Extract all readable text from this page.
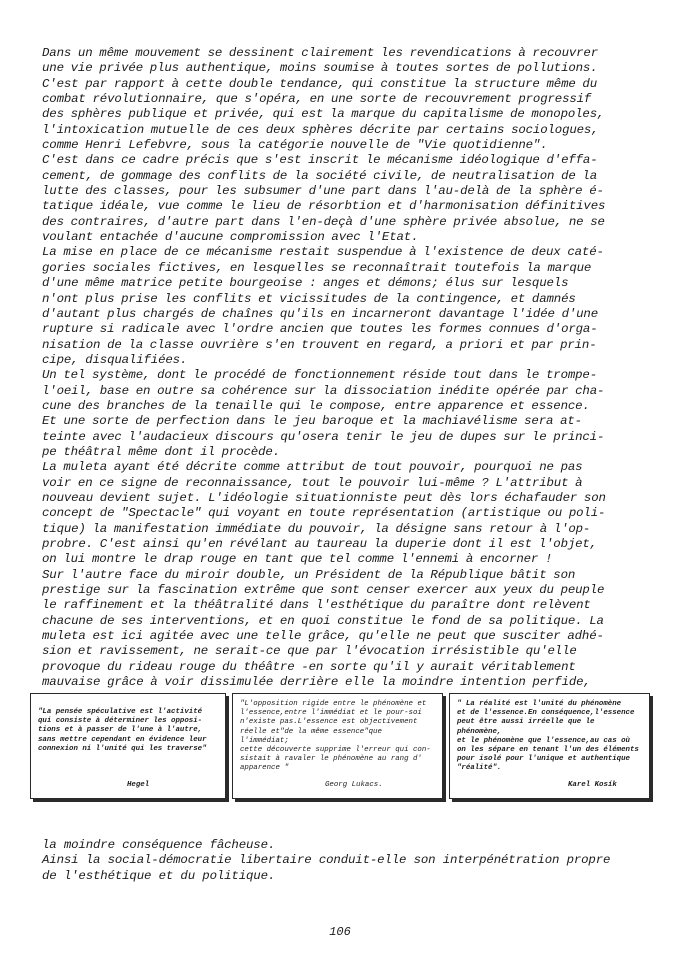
Dans un même mouvement se dessinent clairement les revendications à recouvrer
une vie privée plus authentique, moins soumise à toutes sortes de pollutions.
C'est par rapport à cette double tendance, qui constitue la structure même du
combat révolutionnaire, que s'opéra, en une sorte de recouvrement progressif
des sphères publique et privée, qui est la marque du capitalisme de monopoles,
l'intoxication mutuelle de ces deux sphères décrite par certains sociologues,
comme Henri Lefebvre, sous la catégorie nouvelle de "Vie quotidienne".
C'est dans ce cadre précis que s'est inscrit le mécanisme idéologique d'effa-
cement, de gommage des conflits de la société civile, de neutralisation de la
lutte des classes, pour les subsumer d'une part dans l'au-delà de la sphère é-
tatique idéale, vue comme le lieu de résorbtion et d'harmonisation définitives
des contraires, d'autre part dans l'en-deçà d'une sphère privée absolue, ne se
voulant entachée d'aucune compromission avec l'Etat.
La mise en place de ce mécanisme restait suspendue à l'existence de deux caté-
gories sociales fictives, en lesquelles se reconnaîtrait toutefois la marque
d'une même matrice petite bourgeoise : anges et démons; élus sur lesquels
n'ont plus prise les conflits et vicissitudes de la contingence, et damnés
d'autant plus chargés de chaînes qu'ils en incarneront davantage l'idée d'une
rupture si radicale avec l'ordre ancien que toutes les formes connues d'orga-
nisation de la classe ouvrière s'en trouvent en regard, a priori et par prin-
cipe, disqualifiées.
Un tel système, dont le procédé de fonctionnement réside tout dans le trompe-
l'oeil, base en outre sa cohérence sur la dissociation inédite opérée par cha-
cune des branches de la tenaille qui le compose, entre apparence et essence.
Et une sorte de perfection dans le jeu baroque et la machiavélisme sera at-
teinte avec l'audacieux discours qu'osera tenir le jeu de dupes sur le princi-
pe théâtral même dont il procède.
La muleta ayant été décrite comme attribut de tout pouvoir, pourquoi ne pas
voir en ce signe de reconnaissance, tout le pouvoir lui-même ? L'attribut à
nouveau devient sujet. L'idéologie situationniste peut dès lors échafauder son
concept de "Spectacle" qui voyant en toute représentation (artistique ou poli-
tique) la manifestation immédiate du pouvoir, la désigne sans retour à l'op-
probre. C'est ainsi qu'en révélant au taureau la duperie dont il est l'objet,
on lui montre le drap rouge en tant que tel comme l'ennemi à encorner !
Sur l'autre face du miroir double, un Président de la République bâtit son
prestige sur la fascination extrême que sont censer exercer aux yeux du peuple
le raffinement et la théâtralité dans l'esthétique du paraître dont relèvent
chacune de ses interventions, et en quoi constitue le fond de sa politique. La
muleta est ici agitée avec une telle grâce, qu'elle ne peut que susciter adhé-
sion et ravissement, ne serait-ce que par l'évocation irrésistible qu'elle
provoque du rideau rouge du théâtre -en sorte qu'il y aurait véritablement
mauvaise grâce à voir dissimulée derrière elle la moindre intention perfide,

"La pensée spéculative est l'activité
qui consiste à déterminer les opposi-
tions et à passer de l'une à l'autre,
sans mettre cependant en évidence leur
connexion ni l'unité qui les traverse"

Hegel

"L'opposition rigide entre le phénomène et
l'essence,entre l'immédiat et le pour-soi
n'existe pas.L'essence est objectivement
réelle et"de la même essence"que l'immédiat;
cette découverte supprime l'erreur qui con-
sistait à ravaler le phénomène au rang d'
apparence "

Georg Lukacs.

" La réalité est l'unité du phénomène
et de l'essence.En conséquence,l'essence
peut être aussi irréelle que le phénomène,
et le phénomène que l'essence,au cas où
on les sépare en tenant l'un des éléments
pour isolé pour l'unique et authentique
"réalité".

Karel Kosík

la moindre conséquence fâcheuse.
Ainsi la social-démocratie libertaire conduit-elle son interpénétration propre
de l'esthétique et du politique.

106
